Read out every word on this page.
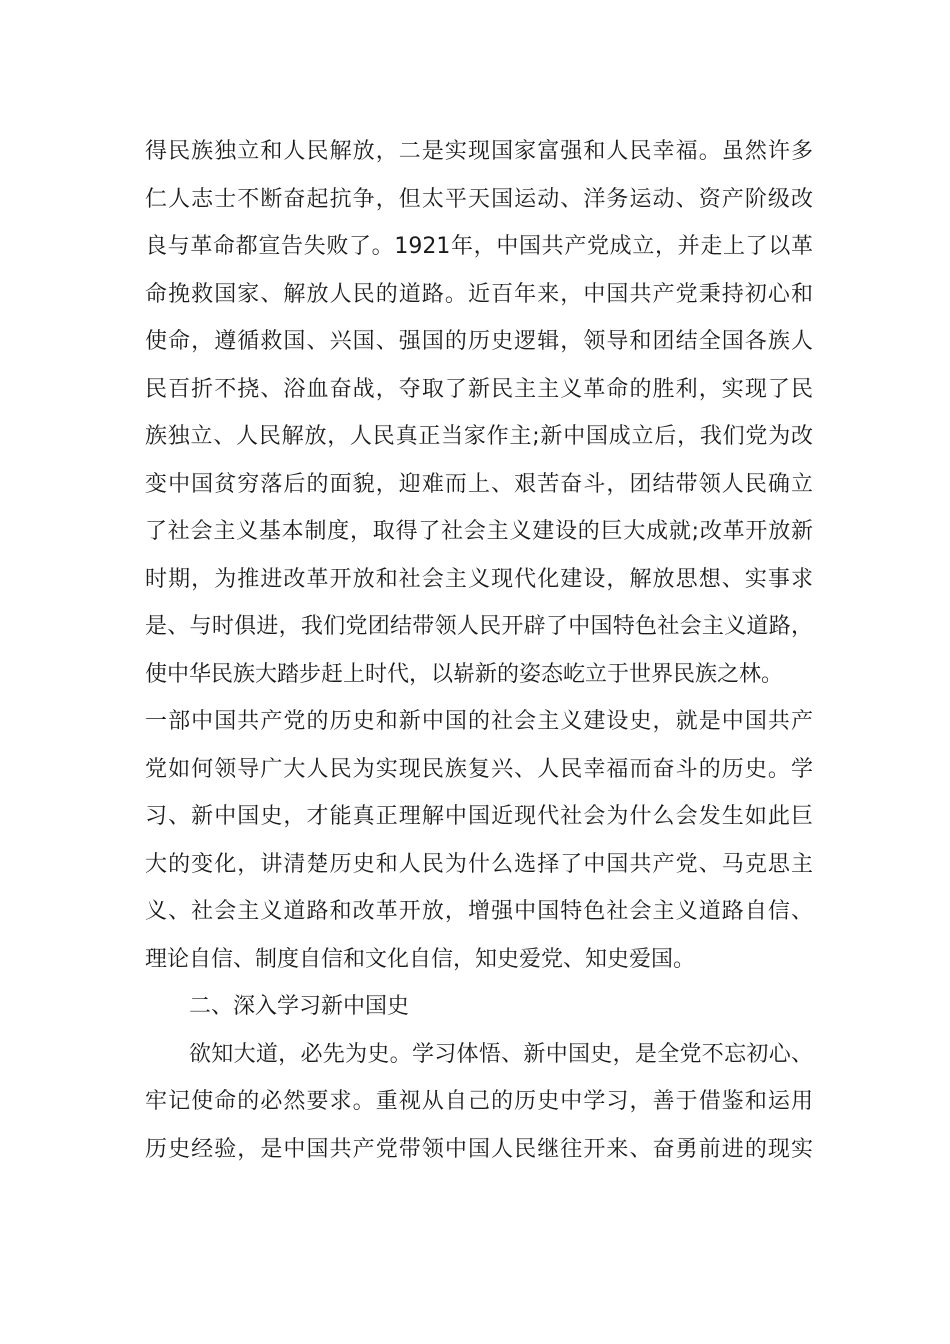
得民族独立和人民解放，二是实现国家富强和人民幸福。虽然许多
仁人志士不断奋起抗争，但太平天国运动、洋务运动、资产阶级改
良与革命都宣告失败了。1921年，中国共产党成立，并走上了以革
命挽救国家、解放人民的道路。近百年来，中国共产党秉持初心和
使命，遵循救国、兴国、强国的历史逻辑，领导和团结全国各族人
民百折不挠、浴血奋战，夺取了新民主主义革命的胜利，实现了民
族独立、人民解放，人民真正当家作主;新中国成立后，我们党为改
变中国贫穷落后的面貌，迎难而上、艰苦奋斗，团结带领人民确立
了社会主义基本制度，取得了社会主义建设的巨大成就;改革开放新
时期，为推进改革开放和社会主义现代化建设，解放思想、实事求
是、与时俱进，我们党团结带领人民开辟了中国特色社会主义道路，
使中华民族大踏步赶上时代，以崭新的姿态屹立于世界民族之林。
一部中国共产党的历史和新中国的社会主义建设史，就是中国共产
党如何领导广大人民为实现民族复兴、人民幸福而奋斗的历史。学
习、新中国史，才能真正理解中国近现代社会为什么会发生如此巨
大的变化，讲清楚历史和人民为什么选择了中国共产党、马克思主
义、社会主义道路和改革开放，增强中国特色社会主义道路自信、
理论自信、制度自信和文化自信，知史爱党、知史爱国。
二、深入学习新中国史
欲知大道，必先为史。学习体悟、新中国史，是全党不忘初心、
牢记使命的必然要求。重视从自己的历史中学习，善于借鉴和运用
历史经验，是中国共产党带领中国人民继往开来、奋勇前进的现实
